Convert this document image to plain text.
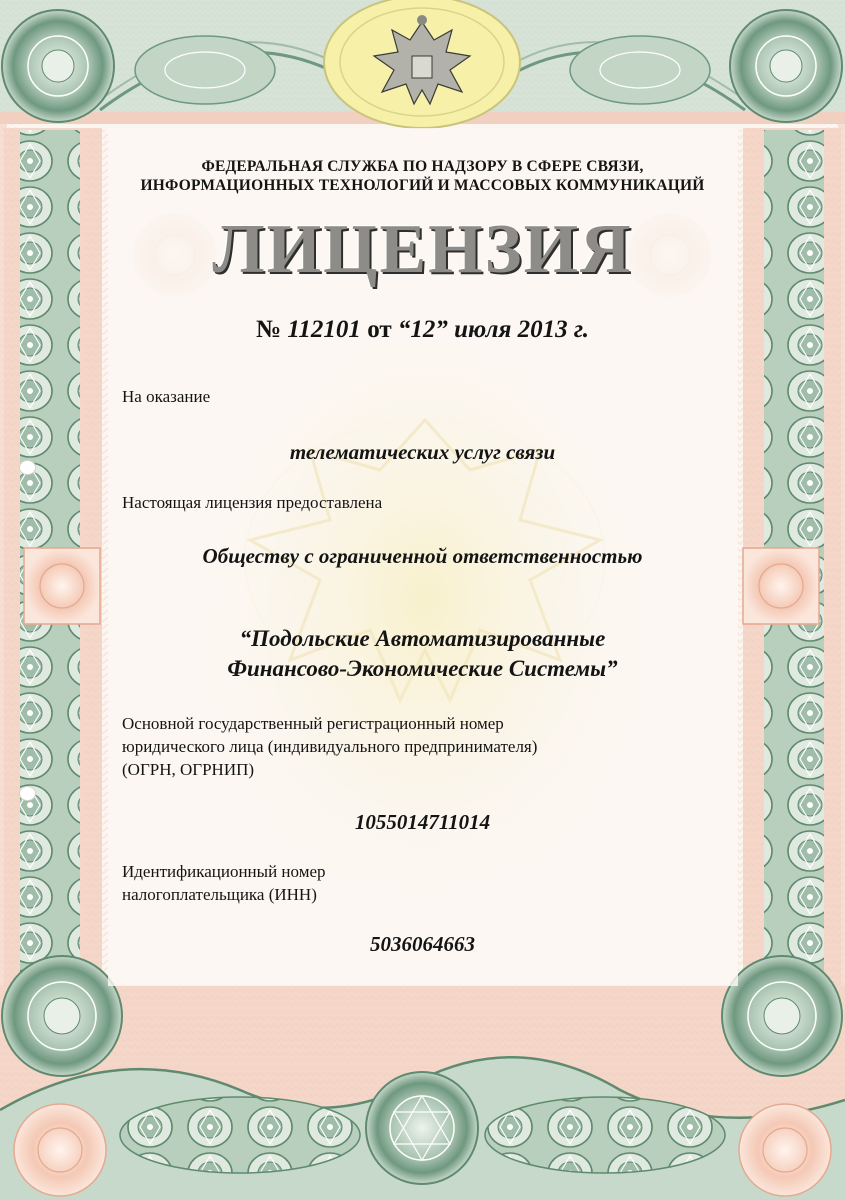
ФЕДЕРАЛЬНАЯ СЛУЖБА ПО НАДЗОРУ В СФЕРЕ СВЯЗИ,
ИНФОРМАЦИОННЫХ ТЕХНОЛОГИЙ И МАССОВЫХ КОММУНИКАЦИЙ
ЛИЦЕНЗИЯ
№ 112101 от “12” июля 2013 г.
На оказание
телематических услуг связи
Настоящая лицензия предоставлена
Обществу с ограниченной ответственностью
“Подольские Автоматизированные
Финансово-Экономические Системы”
Основной государственный регистрационный номер
юридического лица (индивидуального предпринимателя)
(ОГРН, ОГРНИП)
1055014711014
Идентификационный номер
налогоплательщика (ИНН)
5036064663
